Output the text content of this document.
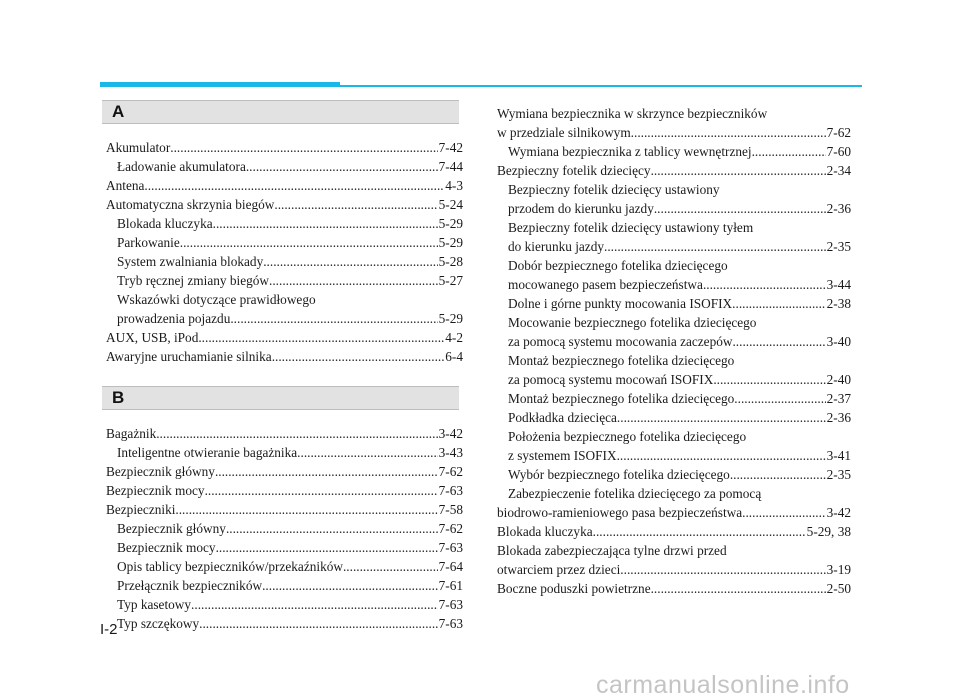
A
Akumulator .....	7-42
Ładowanie akumulatora .....	7-44
Antena .....	4-3
Automatyczna skrzynia biegów .....	5-24
Blokada kluczyka .....	5-29
Parkowanie .....	5-29
System zwalniania blokady .....	5-28
Tryb ręcznej zmiany biegów .....	5-27
Wskazówki dotyczące prawidłowego
prowadzenia pojazdu .....	5-29
AUX, USB, iPod .....	4-2
Awaryjne uruchamianie silnika .....	6-4
B
Bagażnik .....	3-42
Inteligentne otwieranie bagażnika .....	3-43
Bezpiecznik główny .....	7-62
Bezpiecznik mocy .....	7-63
Bezpieczniki .....	7-58
Bezpiecznik główny .....	7-62
Bezpiecznik mocy .....	7-63
Opis tablicy bezpieczników/przekaźników .....	7-64
Przełącznik bezpieczników .....	7-61
Typ kasetowy .....	7-63
Typ szczękowy .....	7-63
Wymiana bezpiecznika w skrzynce bezpieczników
w przedziale silnikowym .....	7-62
Wymiana bezpiecznika z tablicy wewnętrznej .....	7-60
Bezpieczny fotelik dziecięcy .....	2-34
Bezpieczny fotelik dziecięcy ustawiony
przodem do kierunku jazdy .....	2-36
Bezpieczny fotelik dziecięcy ustawiony tyłem
do kierunku jazdy .....	2-35
Dobór bezpiecznego fotelika dziecięcego
mocowanego pasem bezpieczeństwa .....	3-44
Dolne i górne punkty mocowania ISOFIX .....	2-38
Mocowanie bezpiecznego fotelika dziecięcego
za pomocą systemu mocowania zaczepów .....	3-40
Montaż bezpiecznego fotelika dziecięcego
za pomocą systemu mocowań ISOFIX .....	2-40
Montaż bezpiecznego fotelika dziecięcego .....	2-37
Podkładka dziecięca .....	2-36
Położenia bezpiecznego fotelika dziecięcego
z systemem ISOFIX .....	3-41
Wybór bezpiecznego fotelika dziecięcego .....	2-35
Zabezpieczenie fotelika dziecięcego za pomocą
biodrowo-ramieniowego pasa bezpieczeństwa .....	3-42
Blokada kluczyka .....	5-29, 38
Blokada zabezpieczająca tylne drzwi przed
otwarciem przez dzieci .....	3-19
Boczne poduszki powietrzne .....	2-50
I-2
carmanualsonline.info
